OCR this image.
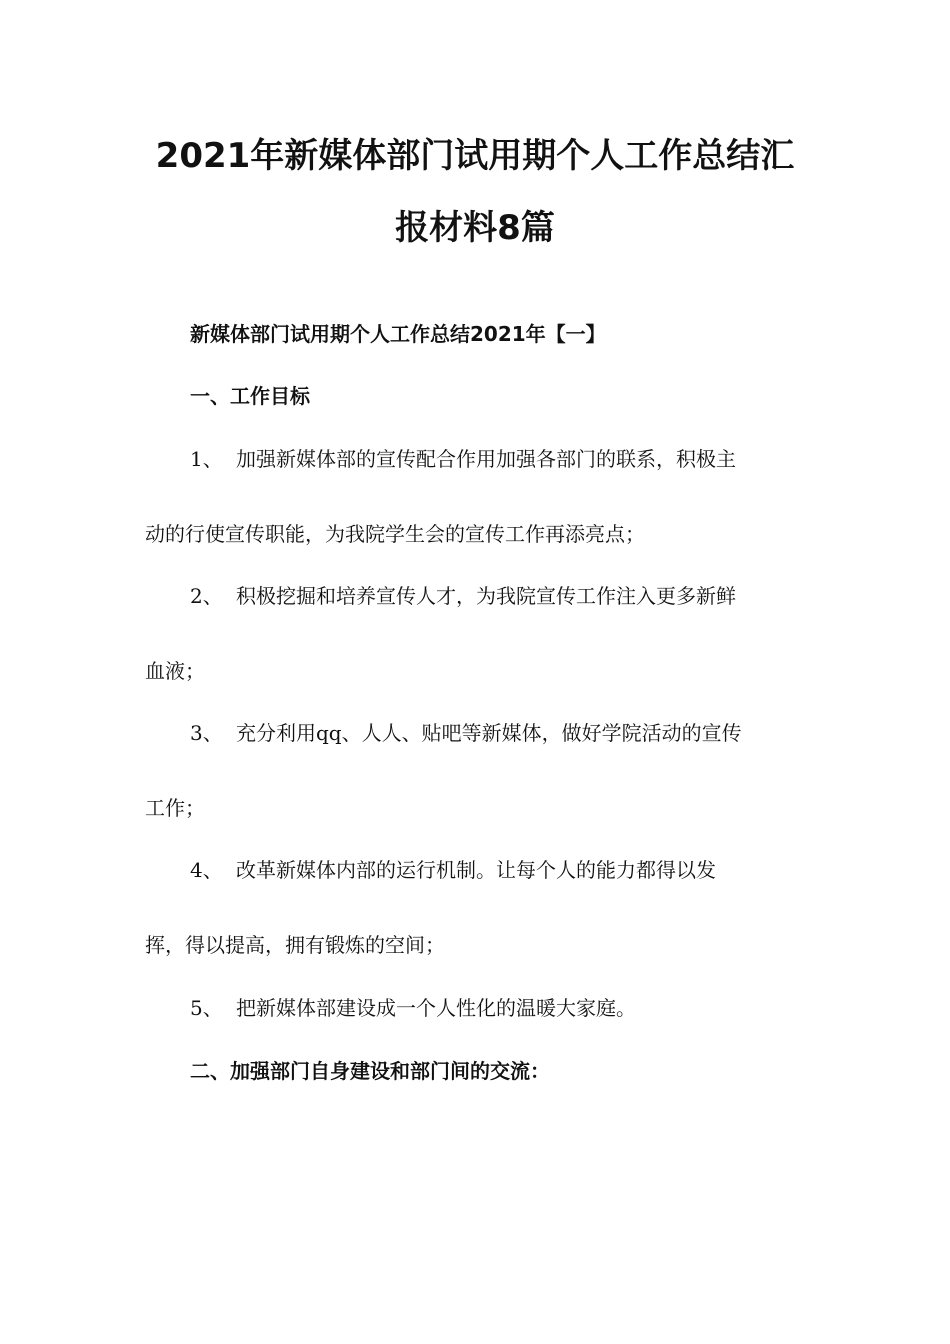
2021年新媒体部门试用期个人工作总结汇
报材料8篇
新媒体部门试用期个人工作总结2021年【一】
一、工作目标
1、 加强新媒体部的宣传配合作用加强各部门的联系，积极主
动的行使宣传职能，为我院学生会的宣传工作再添亮点；
2、 积极挖掘和培养宣传人才，为我院宣传工作注入更多新鲜
血液；
3、 充分利用qq、人人、贴吧等新媒体，做好学院活动的宣传
工作；
4、 改革新媒体内部的运行机制。让每个人的能力都得以发
挥，得以提高，拥有锻炼的空间；
5、 把新媒体部建设成一个人性化的温暖大家庭。
二、加强部门自身建设和部门间的交流：
